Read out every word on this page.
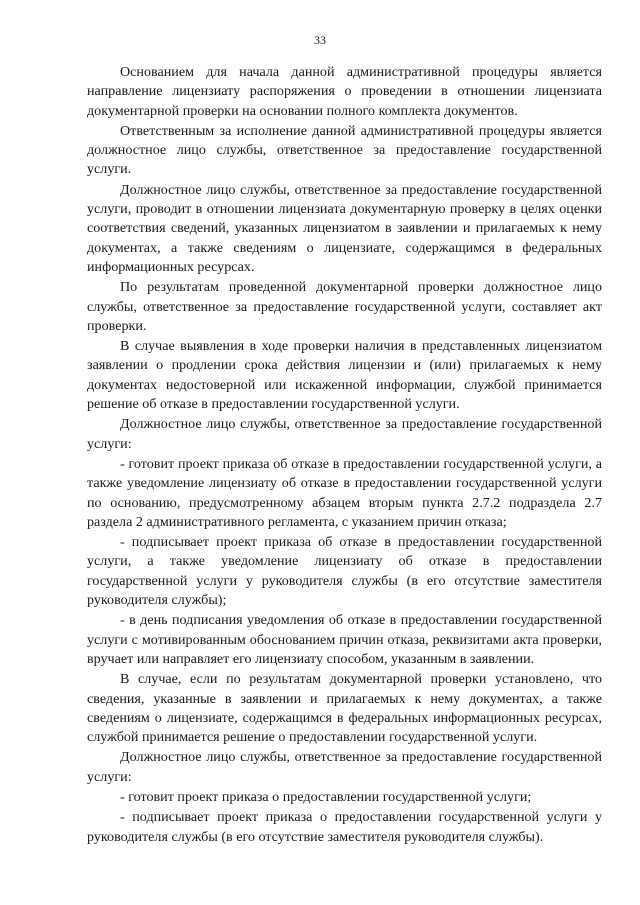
33

Основанием для начала данной административной процедуры является направление лицензиату распоряжения о проведении в отношении лицензиата документарной проверки на основании полного комплекта документов.

Ответственным за исполнение данной административной процедуры является должностное лицо службы, ответственное за предоставление государственной услуги.

Должностное лицо службы, ответственное за предоставление государственной услуги, проводит в отношении лицензиата документарную проверку в целях оценки соответствия сведений, указанных лицензиатом в заявлении и прилагаемых к нему документах, а также сведениям о лицензиате, содержащимся в федеральных информационных ресурсах.

По результатам проведенной документарной проверки должностное лицо службы, ответственное за предоставление государственной услуги, составляет акт проверки.

В случае выявления в ходе проверки наличия в представленных лицензиатом заявлении о продлении срока действия лицензии и (или) прилагаемых к нему документах недостоверной или искаженной информации, службой принимается решение об отказе в предоставлении государственной услуги.

Должностное лицо службы, ответственное за предоставление государственной услуги:

- готовит проект приказа об отказе в предоставлении государственной услуги, а также уведомление лицензиату об отказе в предоставлении государственной услуги по основанию, предусмотренному абзацем вторым пункта 2.7.2 подраздела 2.7 раздела 2 административного регламента, с указанием причин отказа;

- подписывает проект приказа об отказе в предоставлении государственной услуги, а также уведомление лицензиату об отказе в предоставлении государственной услуги у руководителя службы (в его отсутствие заместителя руководителя службы);

- в день подписания уведомления об отказе в предоставлении государственной услуги с мотивированным обоснованием причин отказа, реквизитами акта проверки, вручает или направляет его лицензиату способом, указанным в заявлении.

В случае, если по результатам документарной проверки установлено, что сведения, указанные в заявлении и прилагаемых к нему документах, а также сведениям о лицензиате, содержащимся в федеральных информационных ресурсах, службой принимается решение о предоставлении государственной услуги.

Должностное лицо службы, ответственное за предоставление государственной услуги:

- готовит проект приказа о предоставлении государственной услуги;

- подписывает проект приказа о предоставлении государственной услуги у руководителя службы (в его отсутствие заместителя руководителя службы).
